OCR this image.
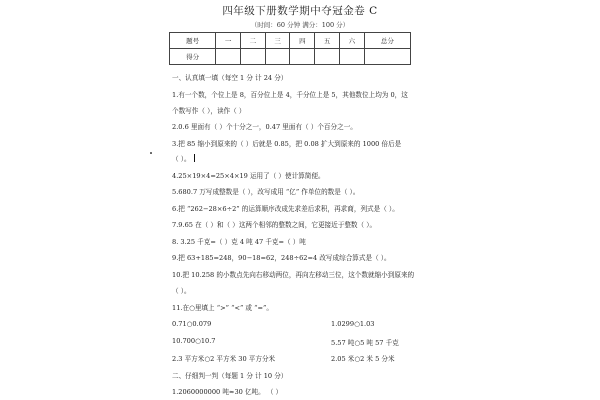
四年级下册数学期中夺冠金卷 C
（时间：60 分钟 满分：100 分）
题号	一	二	三	四	五	六	总分
得分							
一、认真填一填（每空 1 分 计 24 分）
1.有一个数，个位上是 8，百分位上是 4，千分位上是 5，其他数位上均为 0，这
个数写作（ ），读作（ ）
2.0.6 里面有（ ）个十分之一，0.47 里面有（ ）个百分之一。
3.把 85 缩小到原来的（ ）后就是 0.85，把 0.08 扩大到原来的 1000 倍后是
（ ）。
4.25×19×4=25×4×19 运用了（ ）使计算简便。
5.680.7 万写成整数是（ ），改写成用 “亿” 作单位的数是（ ）。
6.把 “262−28×6÷2” 的运算顺序改成先求差后求积，再求商，列式是（ ）。
7.9.65 在（ ）和（ ）这两个相邻的整数之间，它更接近于整数（ ）。
8. 3.25 千克=（ ）克 4 吨 47 千克=（ ）吨
9.把 63+185=248，90−18=62，248÷62=4 改写成综合算式是（ ）。
10.把 10.258 的小数点先向右移动两位，再向左移动三位，这个数就缩小到原来的
（ ）。
11.在○里填上 “>” “<” 或 “=”。
0.71○0.079	1.0299○1.03
10.700○10.7	5.57 吨○5 吨 57 千克
2.3 平方米○2 平方米 30 平方分米	2.05 米○2 米 5 分米
二、仔细判一判（每题 1 分 计 10 分）
1.2060000000 吨≈30 亿吨。 （ ）
